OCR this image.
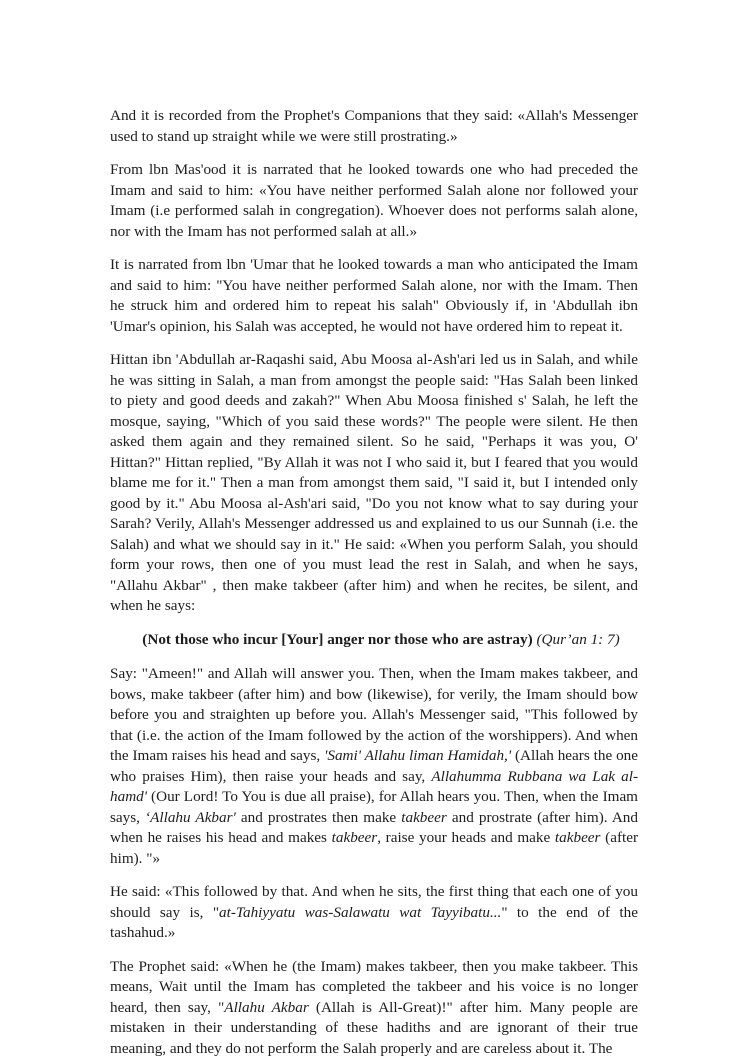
And it is recorded from the Prophet's Companions that they said: «Allah's Messenger used to stand up straight while we were still prostrating.»

From lbn Mas'ood it is narrated that he looked towards one who had preceded the Imam and said to him: «You have neither performed Salah alone nor followed your Imam (i.e performed salah in congregation). Whoever does not performs salah alone, nor with the Imam has not performed salah at all.»

It is narrated from lbn 'Umar that he looked towards a man who anticipated the Imam and said to him: "You have neither performed Salah alone, nor with the Imam. Then he struck him and ordered him to repeat his salah" Obviously if, in 'Abdullah ibn 'Umar's opinion, his Salah was accepted, he would not have ordered him to repeat it.

Hittan ibn 'Abdullah ar-Raqashi said, Abu Moosa al-Ash'ari led us in Salah, and while he was sitting in Salah, a man from amongst the people said: "Has Salah been linked to piety and good deeds and zakah?" When Abu Moosa finished s' Salah, he left the mosque, saying, "Which of you said these words?" The people were silent. He then asked them again and they remained silent. So he said, "Perhaps it was you, O' Hittan?" Hittan replied, "By Allah it was not I who said it, but I feared that you would blame me for it." Then a man from amongst them said, "I said it, but I intended only good by it." Abu Moosa al-Ash'ari said, "Do you not know what to say during your Sarah? Verily, Allah's Messenger addressed us and explained to us our Sunnah (i.e. the Salah) and what we should say in it." He said: «When you perform Salah, you should form your rows, then one of you must lead the rest in Salah, and when he says, "Allahu Akbar" , then make takbeer (after him) and when he recites, be silent, and when he says:

(Not those who incur [Your] anger nor those who are astray) (Qur’an 1: 7)

Say: "Ameen!" and Allah will answer you. Then, when the Imam makes takbeer, and bows, make takbeer (after him) and bow (likewise), for verily, the Imam should bow before you and straighten up before you. Allah's Messenger said, "This followed by that (i.e. the action of the Imam followed by the action of the worshippers). And when the Imam raises his head and says, 'Sami' Allahu liman Hamidah,' (Allah hears the one who praises Him), then raise your heads and say, Allahumma Rubbana wa Lak al-hamd' (Our Lord! To You is due all praise), for Allah hears you. Then, when the Imam says, ‘Allahu Akbar' and prostrates then make takbeer and prostrate (after him). And when he raises his head and makes takbeer, raise your heads and make takbeer (after him). "»

He said: «This followed by that. And when he sits, the first thing that each one of you should say is, "at-Tahiyyatu was-Salawatu wat Tayyibatu..." to the end of the tashahud.»

The Prophet said: «When he (the Imam) makes takbeer, then you make takbeer. This means, Wait until the Imam has completed the takbeer and his voice is no longer heard, then say, "Allahu Akbar (Allah is All-Great)!" after him. Many people are mistaken in their understanding of these hadiths and are ignorant of their true meaning, and they do not perform the Salah properly and are careless about it. The
